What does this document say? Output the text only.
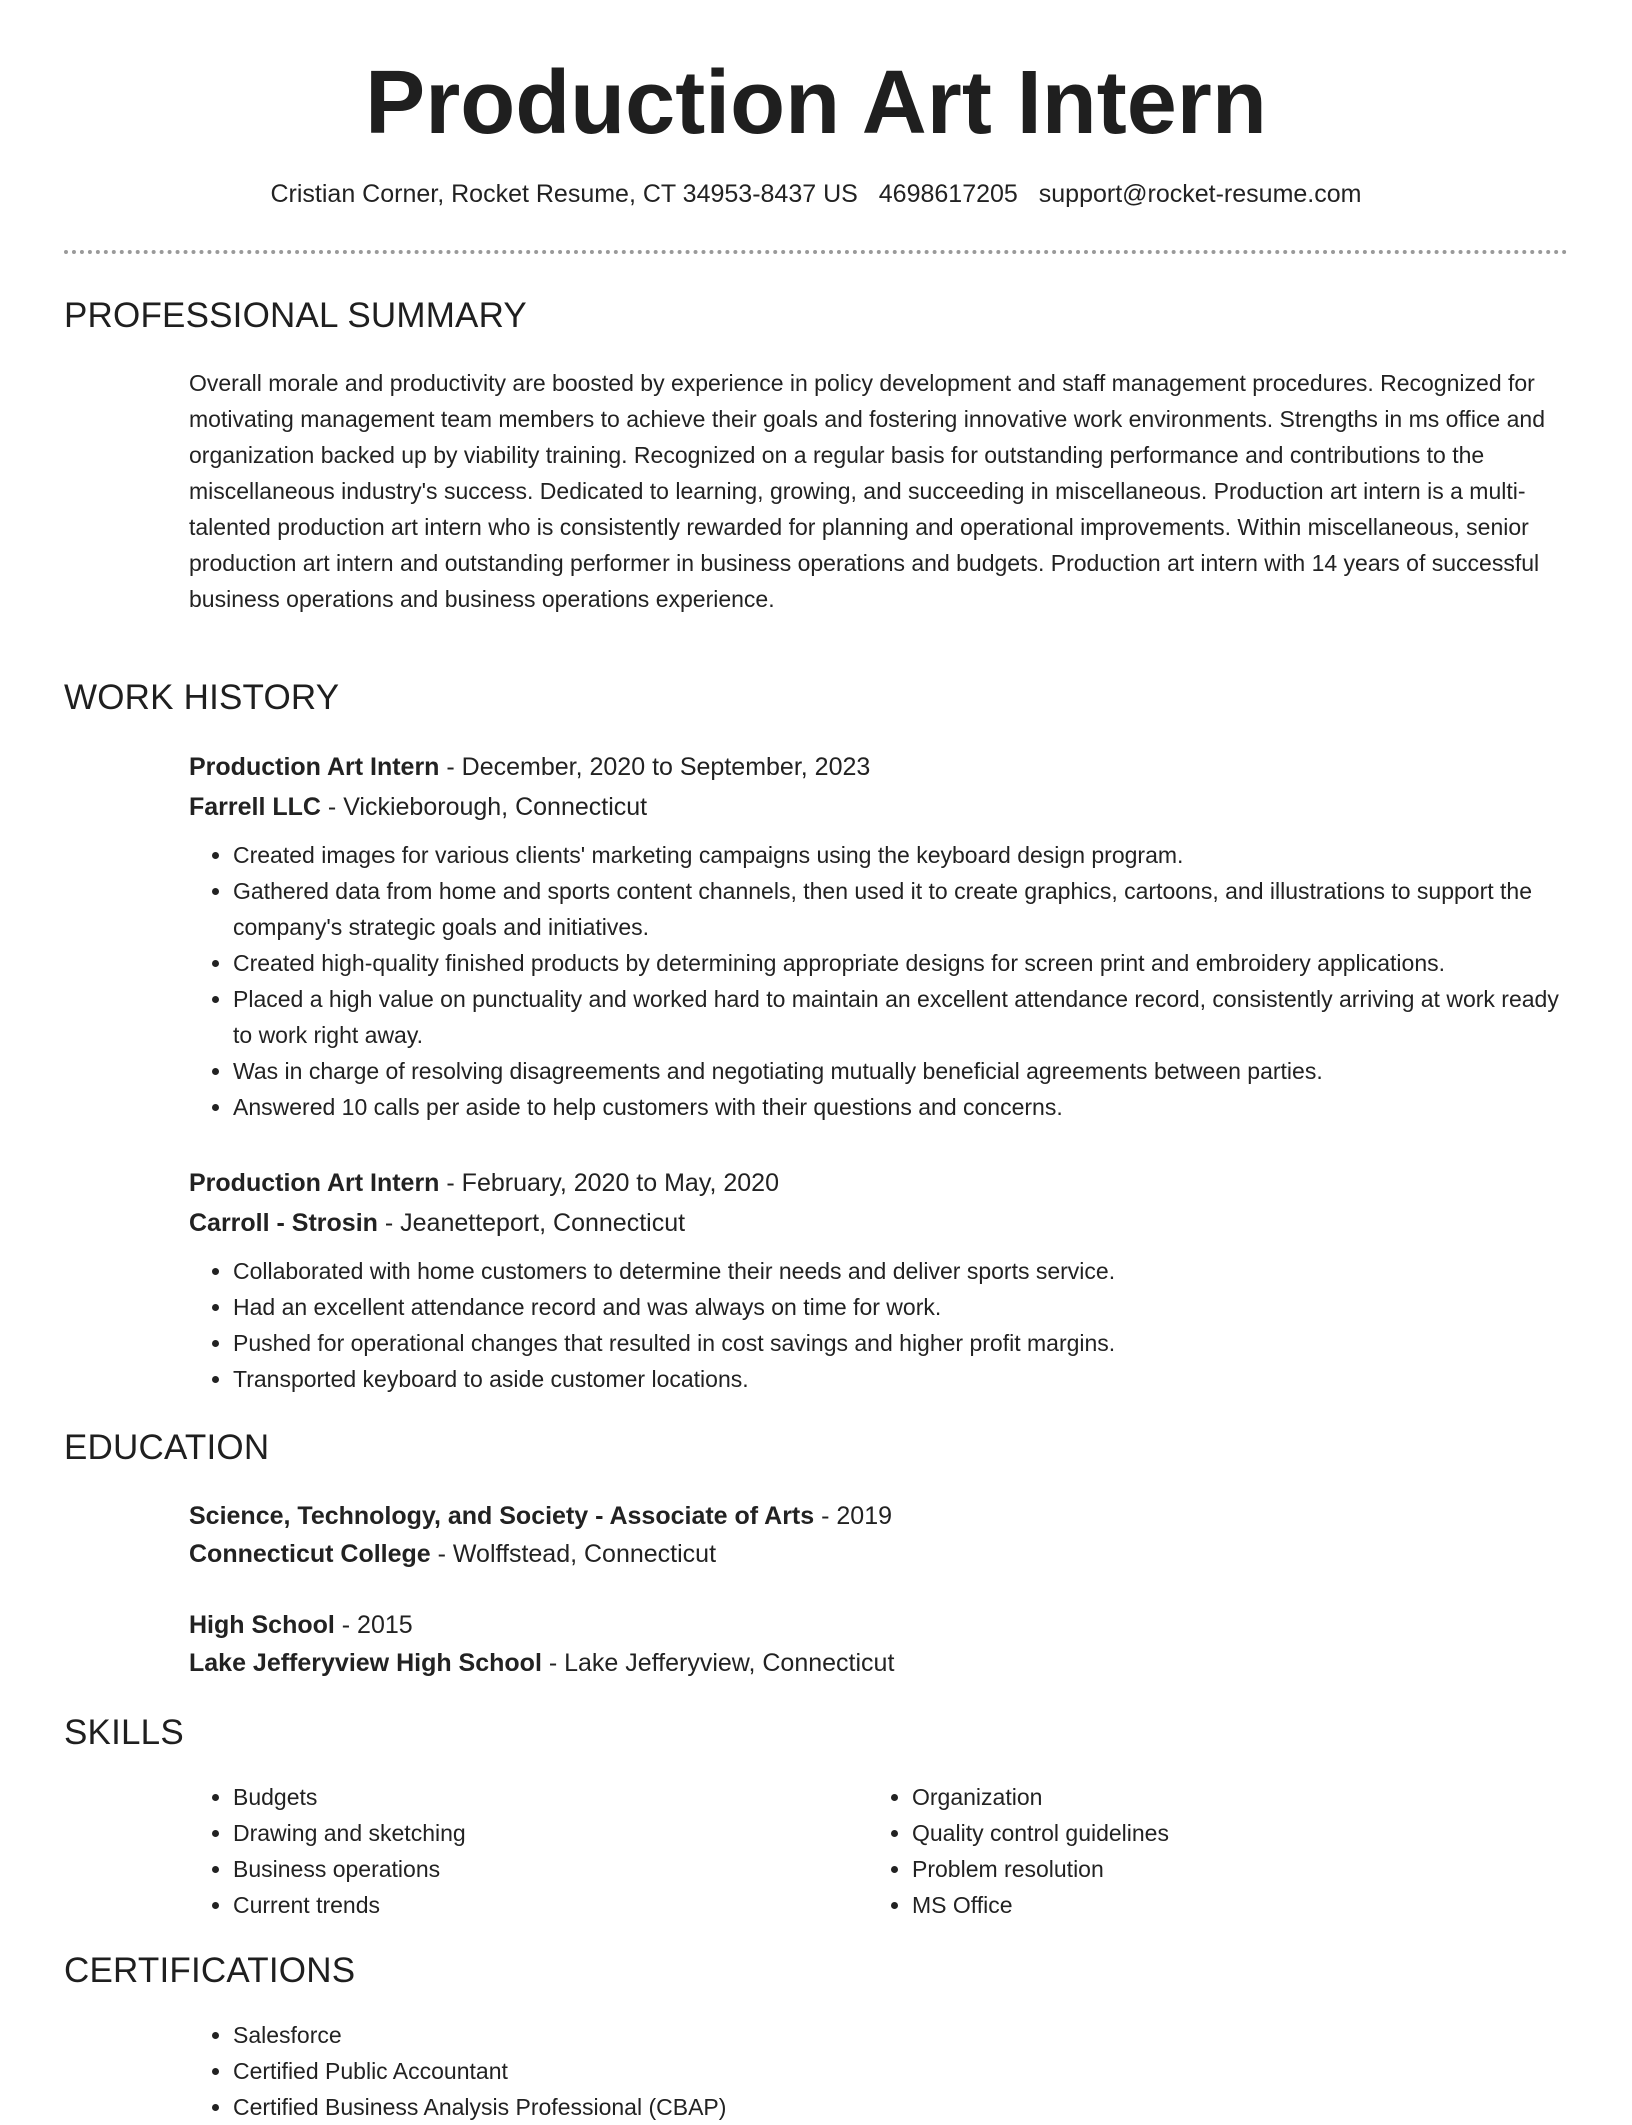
Production Art Intern
Cristian Corner, Rocket Resume, CT 34953-8437 US 4698617205 support@rocket-resume.com
PROFESSIONAL SUMMARY

Overall morale and productivity are boosted by experience in policy development and staff management procedures. Recognized for motivating management team members to achieve their goals and fostering innovative work environments. Strengths in ms office and organization backed up by viability training. Recognized on a regular basis for outstanding performance and contributions to the miscellaneous industry's success. Dedicated to learning, growing, and succeeding in miscellaneous. Production art intern is a multi-talented production art intern who is consistently rewarded for planning and operational improvements. Within miscellaneous, senior production art intern and outstanding performer in business operations and budgets. Production art intern with 14 years of successful business operations and business operations experience.

WORK HISTORY
Production Art Intern - December, 2020 to September, 2023
Farrell LLC - Vickieborough, Connecticut
• Created images for various clients' marketing campaigns using the keyboard design program.
• Gathered data from home and sports content channels, then used it to create graphics, cartoons, and illustrations to support the company's strategic goals and initiatives.
• Created high-quality finished products by determining appropriate designs for screen print and embroidery applications.
• Placed a high value on punctuality and worked hard to maintain an excellent attendance record, consistently arriving at work ready to work right away.
• Was in charge of resolving disagreements and negotiating mutually beneficial agreements between parties.
• Answered 10 calls per aside to help customers with their questions and concerns.
Production Art Intern - February, 2020 to May, 2020
Carroll - Strosin - Jeanetteport, Connecticut
• Collaborated with home customers to determine their needs and deliver sports service.
• Had an excellent attendance record and was always on time for work.
• Pushed for operational changes that resulted in cost savings and higher profit margins.
• Transported keyboard to aside customer locations.
EDUCATION
Science, Technology, and Society - Associate of Arts - 2019
Connecticut College - Wolffstead, Connecticut
High School - 2015
Lake Jefferyview High School - Lake Jefferyview, Connecticut
SKILLS
• Budgets
• Drawing and sketching
• Business operations
• Current trends
• Organization
• Quality control guidelines
• Problem resolution
• MS Office
CERTIFICATIONS
• Salesforce
• Certified Public Accountant
• Certified Business Analysis Professional (CBAP)
